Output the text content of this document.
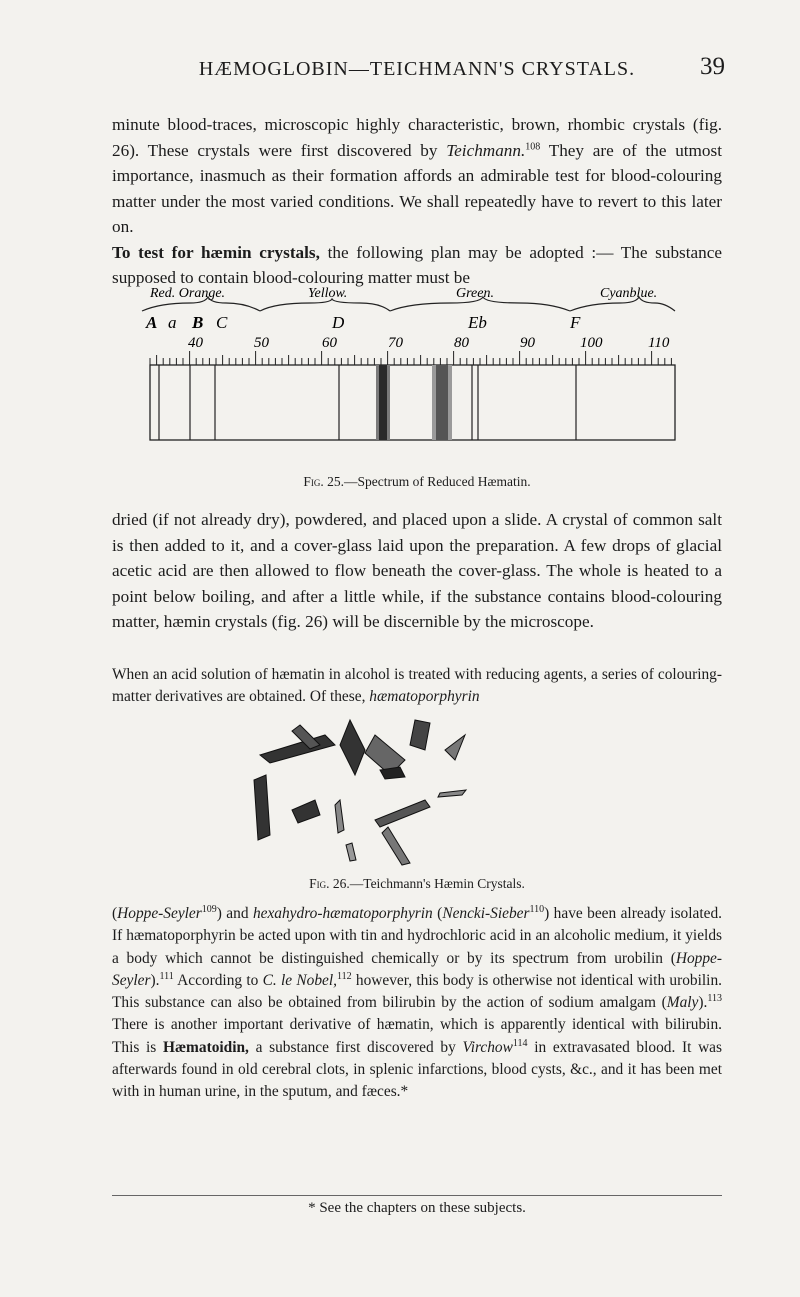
HÆMOGLOBIN—TEICHMANN'S CRYSTALS.	39

minute blood-traces, microscopic highly characteristic, brown, rhombic crystals (fig. 26). These crystals were first discovered by Teichmann.$^{108}$ They are of the utmost importance, inasmuch as their formation affords an admirable test for blood-colouring matter under the most varied conditions. We shall repeatedly have to revert to this later on.

To test for hæmin crystals, the following plan may be adopted :— The substance supposed to contain blood-colouring matter must be

Red. Orange.	Yellow.	Green.	Cyanblue.
A a B C	D	Eb	F
40	50	60	70	80	90	100	110
Fig. 25.—Spectrum of Reduced Hæmatin.

dried (if not already dry), powdered, and placed upon a slide. A crystal of common salt is then added to it, and a cover-glass laid upon the preparation. A few drops of glacial acetic acid are then allowed to flow beneath the cover-glass. The whole is heated to a point below boiling, and after a little while, if the substance contains blood-colouring matter, hæmin crystals (fig. 26) will be discernible by the microscope.

When an acid solution of hæmatin in alcohol is treated with reducing agents, a series of colouring-matter derivatives are obtained. Of these, hæmatoporphyrin

Fig. 26.—Teichmann's Hæmin Crystals.

(Hoppe-Seyler$^{109}$) and hexahydro-hæmatoporphyrin (Nencki-Sieber$^{110}$) have been already isolated. If hæmatoporphyrin be acted upon with tin and hydrochloric acid in an alcoholic medium, it yields a body which cannot be distinguished chemically or by its spectrum from urobilin (Hoppe-Seyler).$^{111}$ According to C. le Nobel,$^{112}$ however, this body is otherwise not identical with urobilin. This substance can also be obtained from bilirubin by the action of sodium amalgam (Maly).$^{113}$ There is another important derivative of hæmatin, which is apparently identical with bilirubin. This is Hæmatoidin, a substance first discovered by Virchow$^{114}$ in extravasated blood. It was afterwards found in old cerebral clots, in splenic infarctions, blood cysts, &c., and it has been met with in human urine, in the sputum, and fæces.*

* See the chapters on these subjects.
